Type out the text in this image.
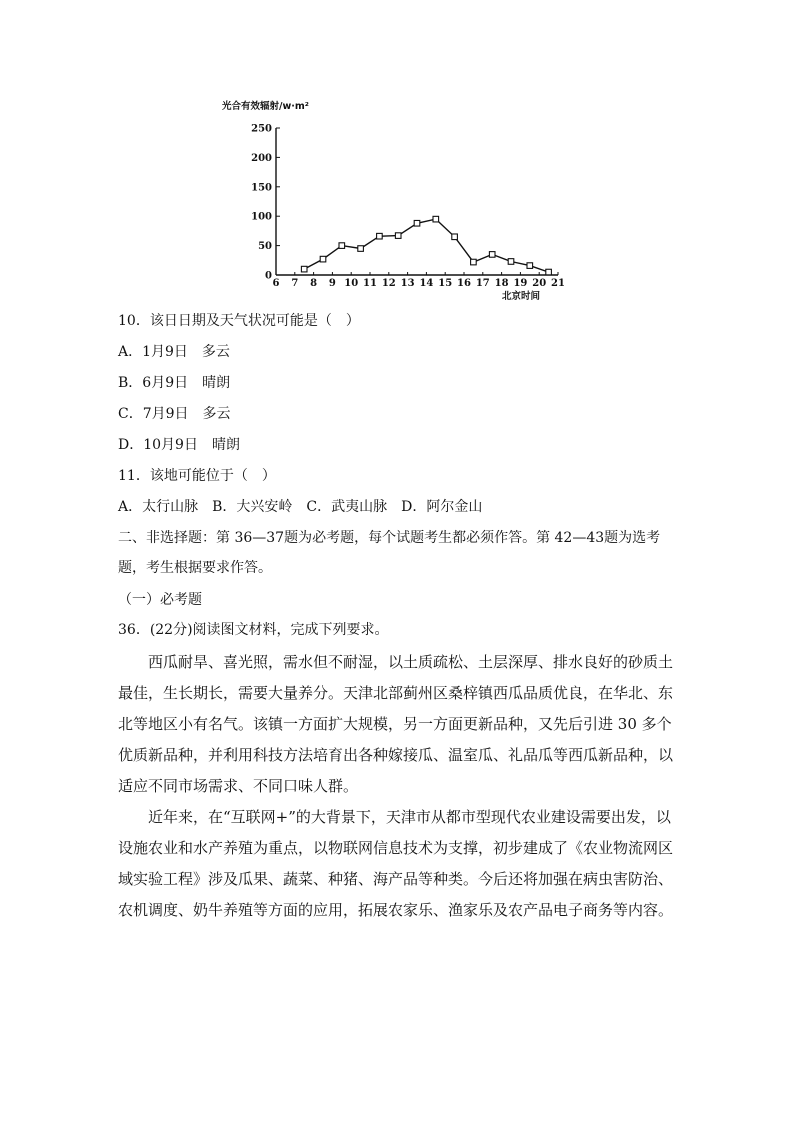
0
50
100
150
200
250
6 7 8 9 10 11 12 13 14 15 16 17 18 19 20 21
光合有效辐射/w·m²
北京时间
10．该日日期及天气状况可能是（　）
A．1月9日　多云
B．6月9日　晴朗
C．7月9日　多云
D．10月9日　晴朗
11．该地可能位于（　）
A．太行山脉　B．大兴安岭　C．武夷山脉　D．阿尔金山

二、非选择题：第 36—37题为必考题，每个试题考生都必须作答。第 42—43题为选考题，考生根据要求作答。

（一）必考题
36．(22分)阅读图文材料，完成下列要求。

西瓜耐旱、喜光照，需水但不耐湿，以土质疏松、土层深厚、排水良好的砂质土最佳，生长期长，需要大量养分。天津北部蓟州区桑梓镇西瓜品质优良，在华北、东北等地区小有名气。该镇一方面扩大规模，另一方面更新品种，又先后引进 30 多个优质新品种，并利用科技方法培育出各种嫁接瓜、温室瓜、礼品瓜等西瓜新品种，以适应不同市场需求、不同口味人群。

近年来，在“互联网+”的大背景下，天津市从都市型现代农业建设需要出发，以设施农业和水产养殖为重点，以物联网信息技术为支撑，初步建成了《农业物流网区域实验工程》涉及瓜果、蔬菜、种猪、海产品等种类。今后还将加强在病虫害防治、农机调度、奶牛养殖等方面的应用，拓展农家乐、渔家乐及农产品电子商务等内容。
